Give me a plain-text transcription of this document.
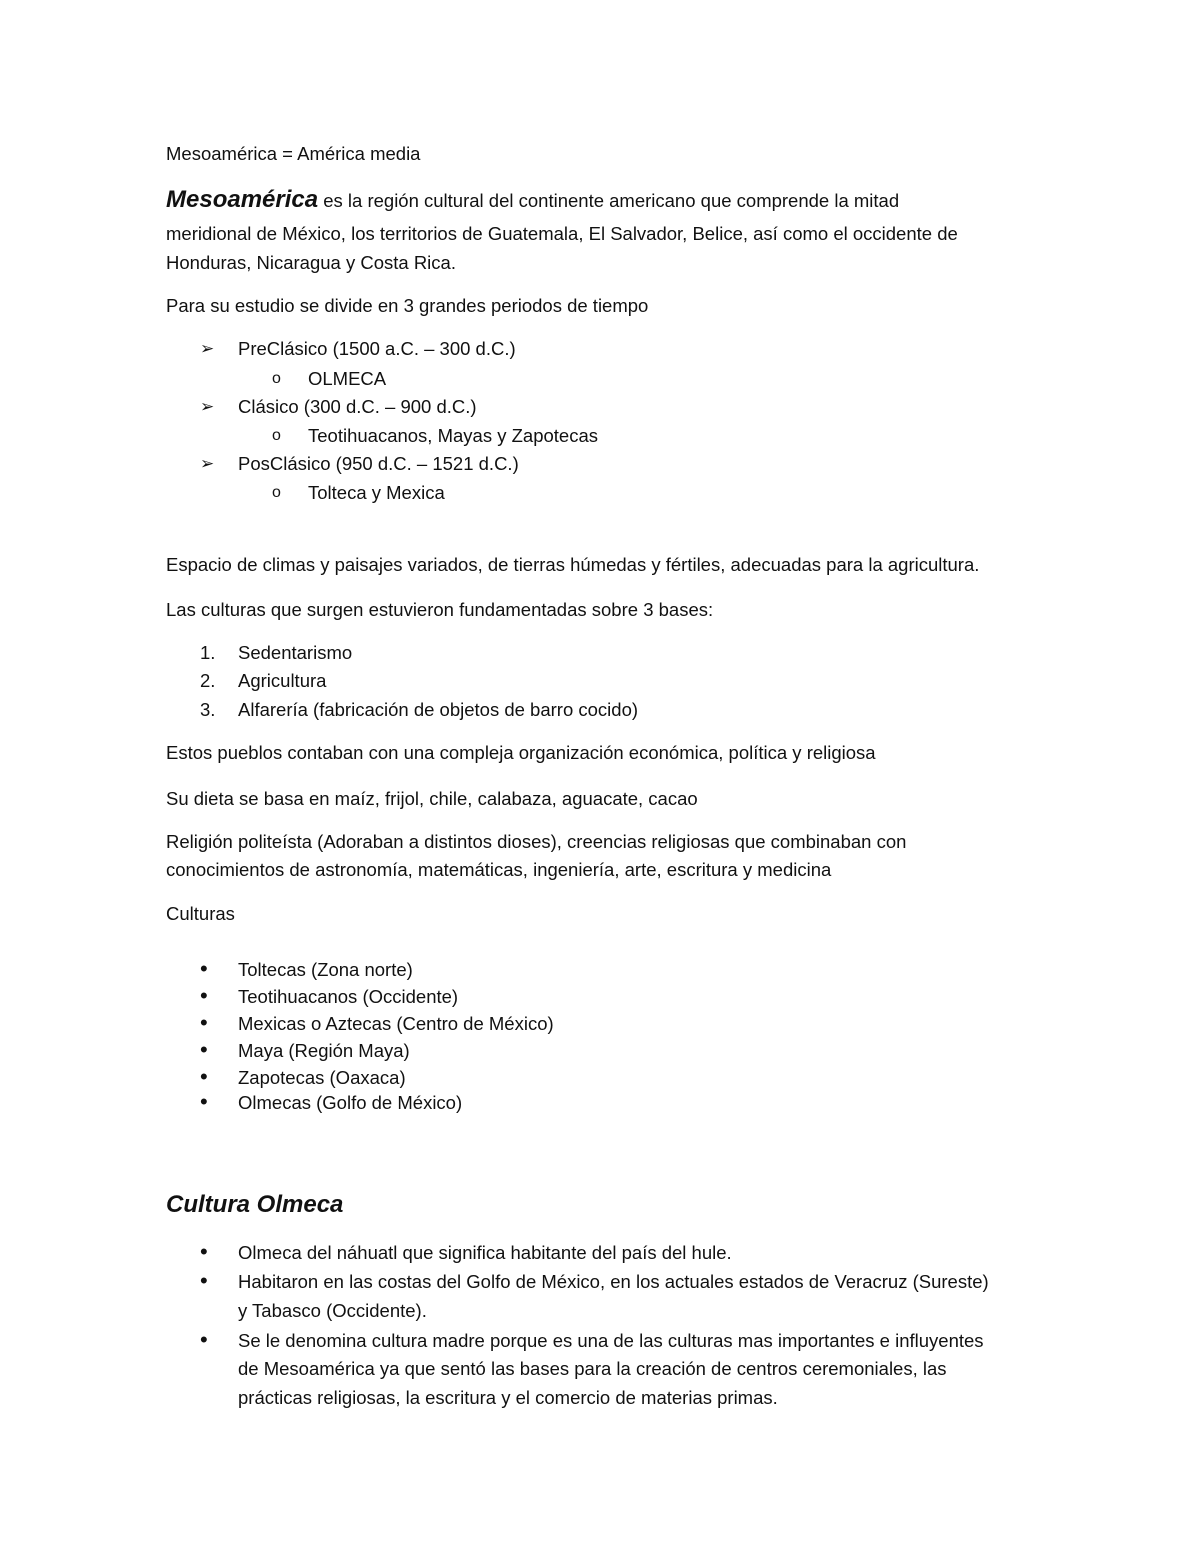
Mesoamérica = América media
Mesoamérica es la región cultural del continente americano que comprende la mitad
meridional de México, los territorios de Guatemala, El Salvador, Belice, así como el occidente de
Honduras, Nicaragua y Costa Rica.
Para su estudio se divide en 3 grandes periodos de tiempo
➢ PreClásico (1500 a.C. – 300 d.C.)
o OLMECA
➢ Clásico (300 d.C. – 900 d.C.)
o Teotihuacanos, Mayas y Zapotecas
➢ PosClásico (950 d.C. – 1521 d.C.)
o Tolteca y Mexica
Espacio de climas y paisajes variados, de tierras húmedas y fértiles, adecuadas para la agricultura.
Las culturas que surgen estuvieron fundamentadas sobre 3 bases:
1. Sedentarismo
2. Agricultura
3. Alfarería (fabricación de objetos de barro cocido)
Estos pueblos contaban con una compleja organización económica, política y religiosa
Su dieta se basa en maíz, frijol, chile, calabaza, aguacate, cacao
Religión politeísta (Adoraban a distintos dioses), creencias religiosas que combinaban con
conocimientos de astronomía, matemáticas, ingeniería, arte, escritura y medicina
Culturas
• Toltecas (Zona norte)
• Teotihuacanos (Occidente)
• Mexicas o Aztecas (Centro de México)
• Maya (Región Maya)
• Zapotecas (Oaxaca)
• Olmecas (Golfo de México)
Cultura Olmeca
• Olmeca del náhuatl que significa habitante del país del hule.
• Habitaron en las costas del Golfo de México, en los actuales estados de Veracruz (Sureste)
y Tabasco (Occidente).
• Se le denomina cultura madre porque es una de las culturas mas importantes e influyentes
de Mesoamérica ya que sentó las bases para la creación de centros ceremoniales, las
prácticas religiosas, la escritura y el comercio de materias primas.
